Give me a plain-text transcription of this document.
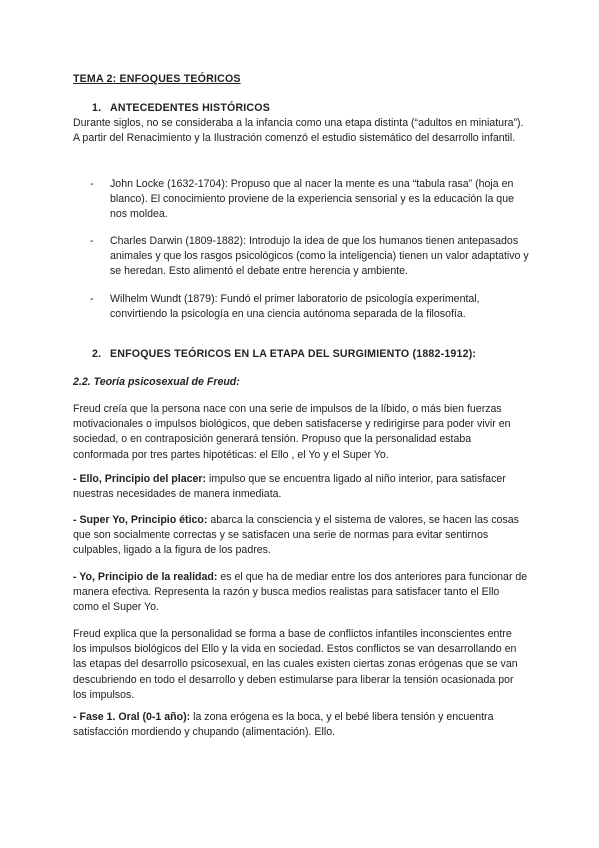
TEMA 2: ENFOQUES TEÓRICOS

1. ANTECEDENTES HISTÓRICOS

Durante siglos, no se consideraba a la infancia como una etapa distinta (“adultos en miniatura”). A partir del Renacimiento y la Ilustración comenzó el estudio sistemático del desarrollo infantil.

- John Locke (1632-1704): Propuso que al nacer la mente es una “tabula rasa” (hoja en blanco). El conocimiento proviene de la experiencia sensorial y es la educación la que nos moldea.
- Charles Darwin (1809-1882): Introdujo la idea de que los humanos tienen antepasados animales y que los rasgos psicológicos (como la inteligencia) tienen un valor adaptativo y se heredan. Esto alimentó el debate entre herencia y ambiente.
- Wilhelm Wundt (1879): Fundó el primer laboratorio de psicología experimental, convirtiendo la psicología en una ciencia autónoma separada de la filosofía.

2. ENFOQUES TEÓRICOS EN LA ETAPA DEL SURGIMIENTO (1882-1912):

2.2. Teoría psicosexual de Freud:

Freud creía que la persona nace con una serie de impulsos de la líbido, o más bien fuerzas motivacionales o impulsos biológicos, que deben satisfacerse y redirigirse para poder vivir en sociedad, o en contraposición generará tensión. Propuso que la personalidad estaba conformada por tres partes hipotéticas: el Ello , el Yo y el Super Yo.

- Ello, Principio del placer: impulso que se encuentra ligado al niño interior, para satisfacer nuestras necesidades de manera inmediata.

- Super Yo, Principio ético: abarca la consciencia y el sistema de valores, se hacen las cosas que son socialmente correctas y se satisfacen una serie de normas para evitar sentirnos culpables, ligado a la figura de los padres.

- Yo, Principio de la realidad: es el que ha de mediar entre los dos anteriores para funcionar de manera efectiva. Representa la razón y busca medios realistas para satisfacer tanto el Ello como el Super Yo.

Freud explica que la personalidad se forma a base de conflictos infantiles inconscientes entre los impulsos biológicos del Ello y la vida en sociedad. Estos conflictos se van desarrollando en las etapas del desarrollo psicosexual, en las cuales existen ciertas zonas erógenas que se van descubriendo en todo el desarrollo y deben estimularse para liberar la tensión ocasionada por los impulsos.

- Fase 1. Oral (0-1 año): la zona erógena es la boca, y el bebé libera tensión y encuentra satisfacción mordiendo y chupando (alimentación). Ello.
